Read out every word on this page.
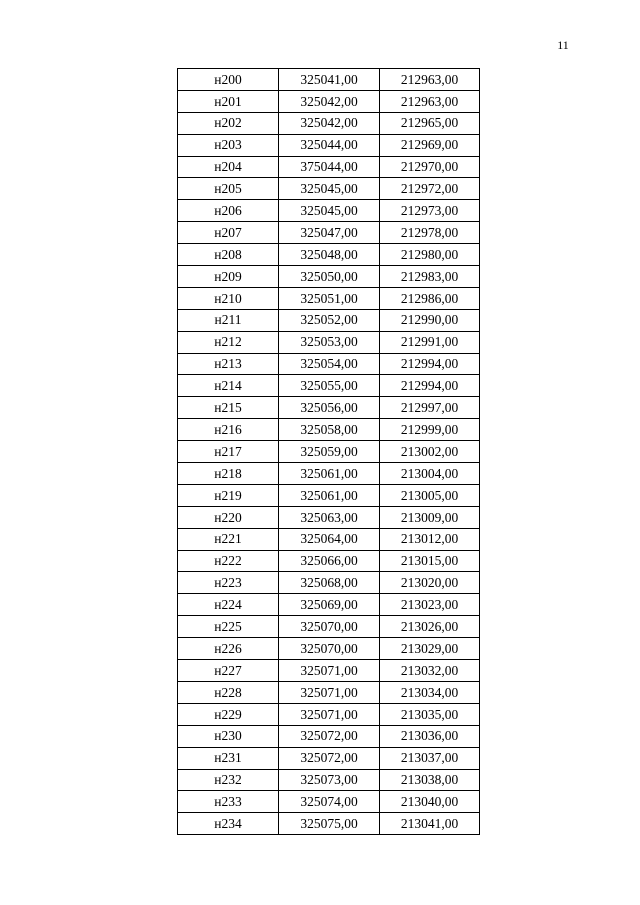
11
н200	325041,00	212963,00
н201	325042,00	212963,00
н202	325042,00	212965,00
н203	325044,00	212969,00
н204	375044,00	212970,00
н205	325045,00	212972,00
н206	325045,00	212973,00
н207	325047,00	212978,00
н208	325048,00	212980,00
н209	325050,00	212983,00
н210	325051,00	212986,00
н211	325052,00	212990,00
н212	325053,00	212991,00
н213	325054,00	212994,00
н214	325055,00	212994,00
н215	325056,00	212997,00
н216	325058,00	212999,00
н217	325059,00	213002,00
н218	325061,00	213004,00
н219	325061,00	213005,00
н220	325063,00	213009,00
н221	325064,00	213012,00
н222	325066,00	213015,00
н223	325068,00	213020,00
н224	325069,00	213023,00
н225	325070,00	213026,00
н226	325070,00	213029,00
н227	325071,00	213032,00
н228	325071,00	213034,00
н229	325071,00	213035,00
н230	325072,00	213036,00
н231	325072,00	213037,00
н232	325073,00	213038,00
н233	325074,00	213040,00
н234	325075,00	213041,00
